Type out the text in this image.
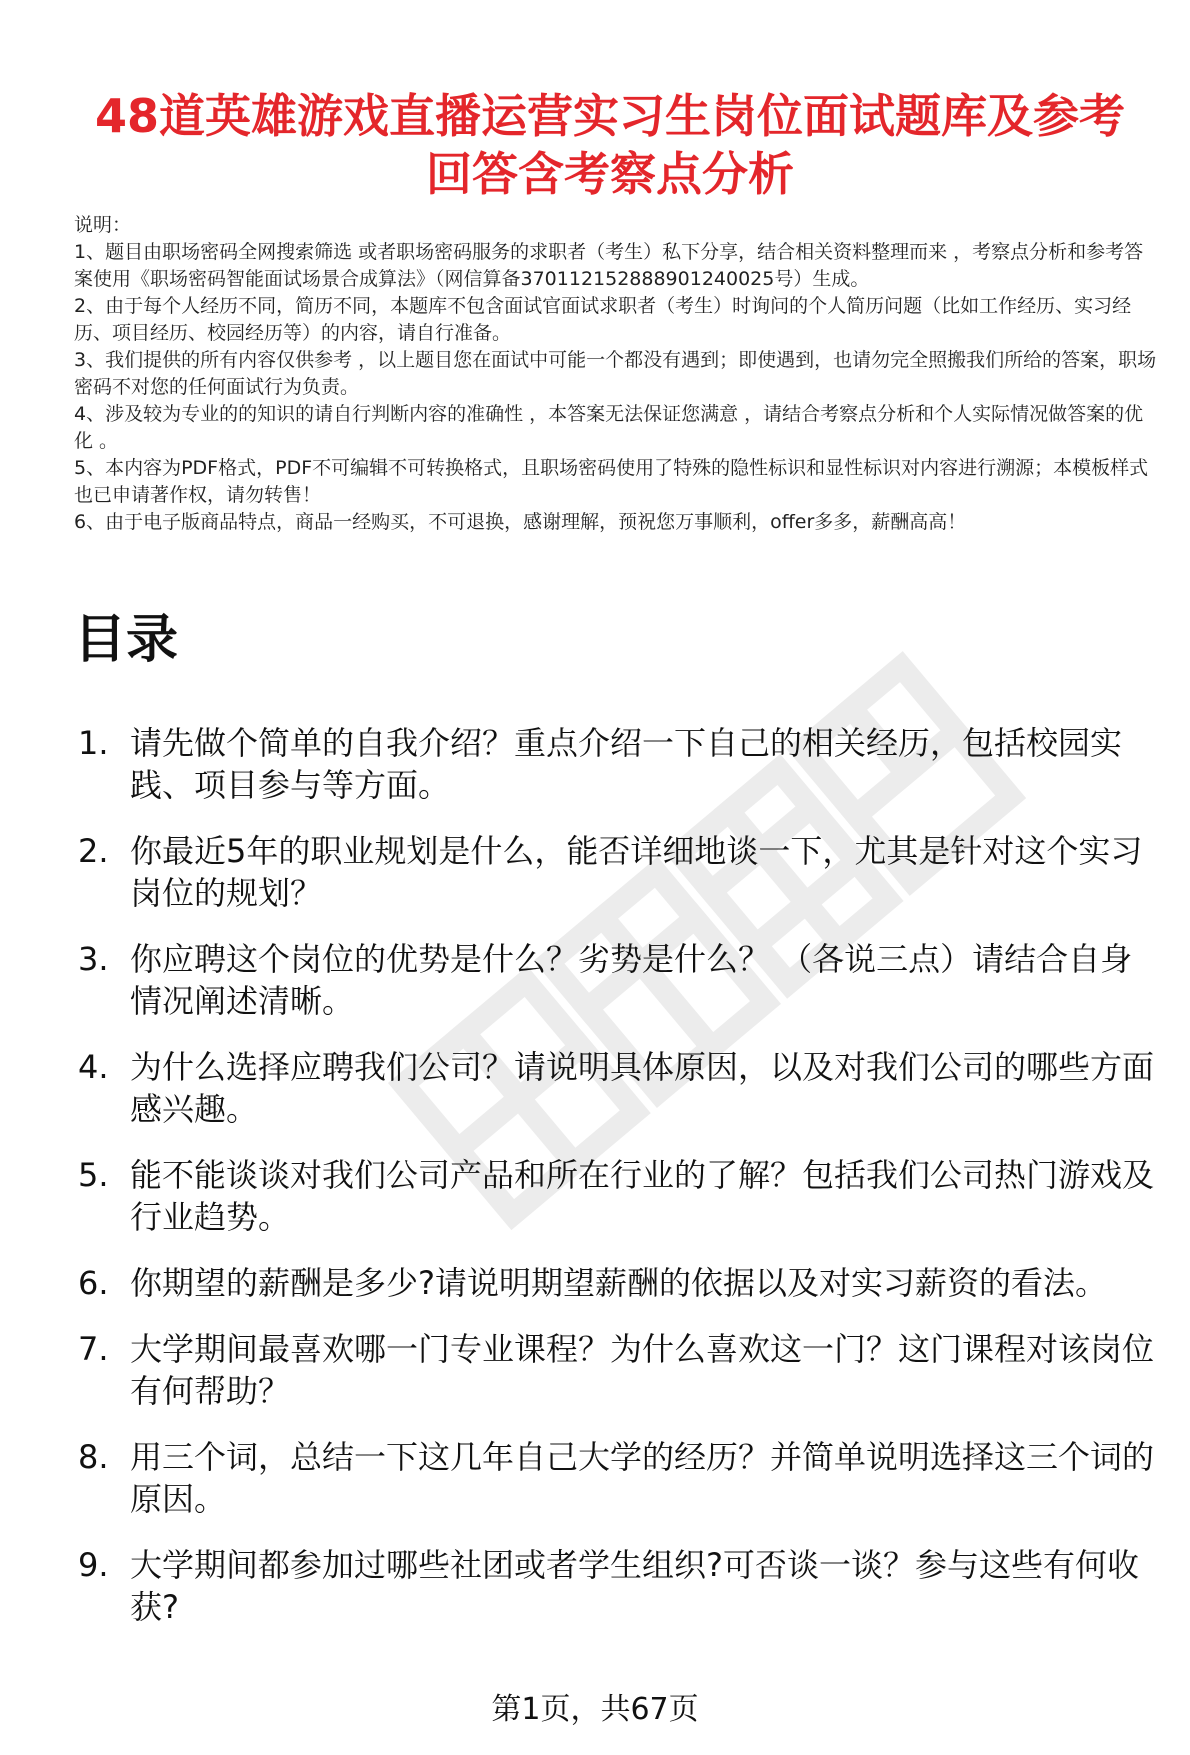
48道英雄游戏直播运营实习生岗位面试题库及参考回答含考察点分析

说明：

1、题目由职场密码全网搜索筛选 或者职场密码服务的求职者（考生）私下分享，结合相关资料整理而来 ，考察点分析和参考答案使用《职场密码智能面试场景合成算法》（网信算备370112152888901240025号）生成。

2、由于每个人经历不同，简历不同，本题库不包含面试官面试求职者（考生）时询问的个人简历问题（比如工作经历、实习经历、项目经历、校园经历等）的内容，请自行准备。

3、我们提供的所有内容仅供参考 ，以上题目您在面试中可能一个都没有遇到；即使遇到，也请勿完全照搬我们所给的答案，职场密码不对您的任何面试行为负责。

4、涉及较为专业的的知识的请自行判断内容的准确性 ，本答案无法保证您满意 ，请结合考察点分析和个人实际情况做答案的优化 。

5、本内容为PDF格式，PDF不可编辑不可转换格式，且职场密码使用了特殊的隐性标识和显性标识对内容进行溯源；本模板样式也已申请著作权，请勿转售！

6、由于电子版商品特点，商品一经购买，不可退换，感谢理解，预祝您万事顺利，offer多多，薪酬高高！

目录
1. 请先做个简单的自我介绍？重点介绍一下自己的相关经历，包括校园实践、项目参与等方面。
2. 你最近5年的职业规划是什么，能否详细地谈一下，尤其是针对这个实习岗位的规划？
3. 你应聘这个岗位的优势是什么？劣势是什么？ （各说三点）请结合自身情况阐述清晰。
4. 为什么选择应聘我们公司？请说明具体原因，以及对我们公司的哪些方面感兴趣。
5. 能不能谈谈对我们公司产品和所在行业的了解？包括我们公司热门游戏及行业趋势。
6. 你期望的薪酬是多少?请说明期望薪酬的依据以及对实习薪资的看法。
7. 大学期间最喜欢哪一门专业课程？为什么喜欢这一门？这门课程对该岗位有何帮助？
8. 用三个词，总结一下这几年自己大学的经历？并简单说明选择这三个词的原因。
9. 大学期间都参加过哪些社团或者学生组织?可否谈一谈？参与这些有何收获?
第1页，共67页
